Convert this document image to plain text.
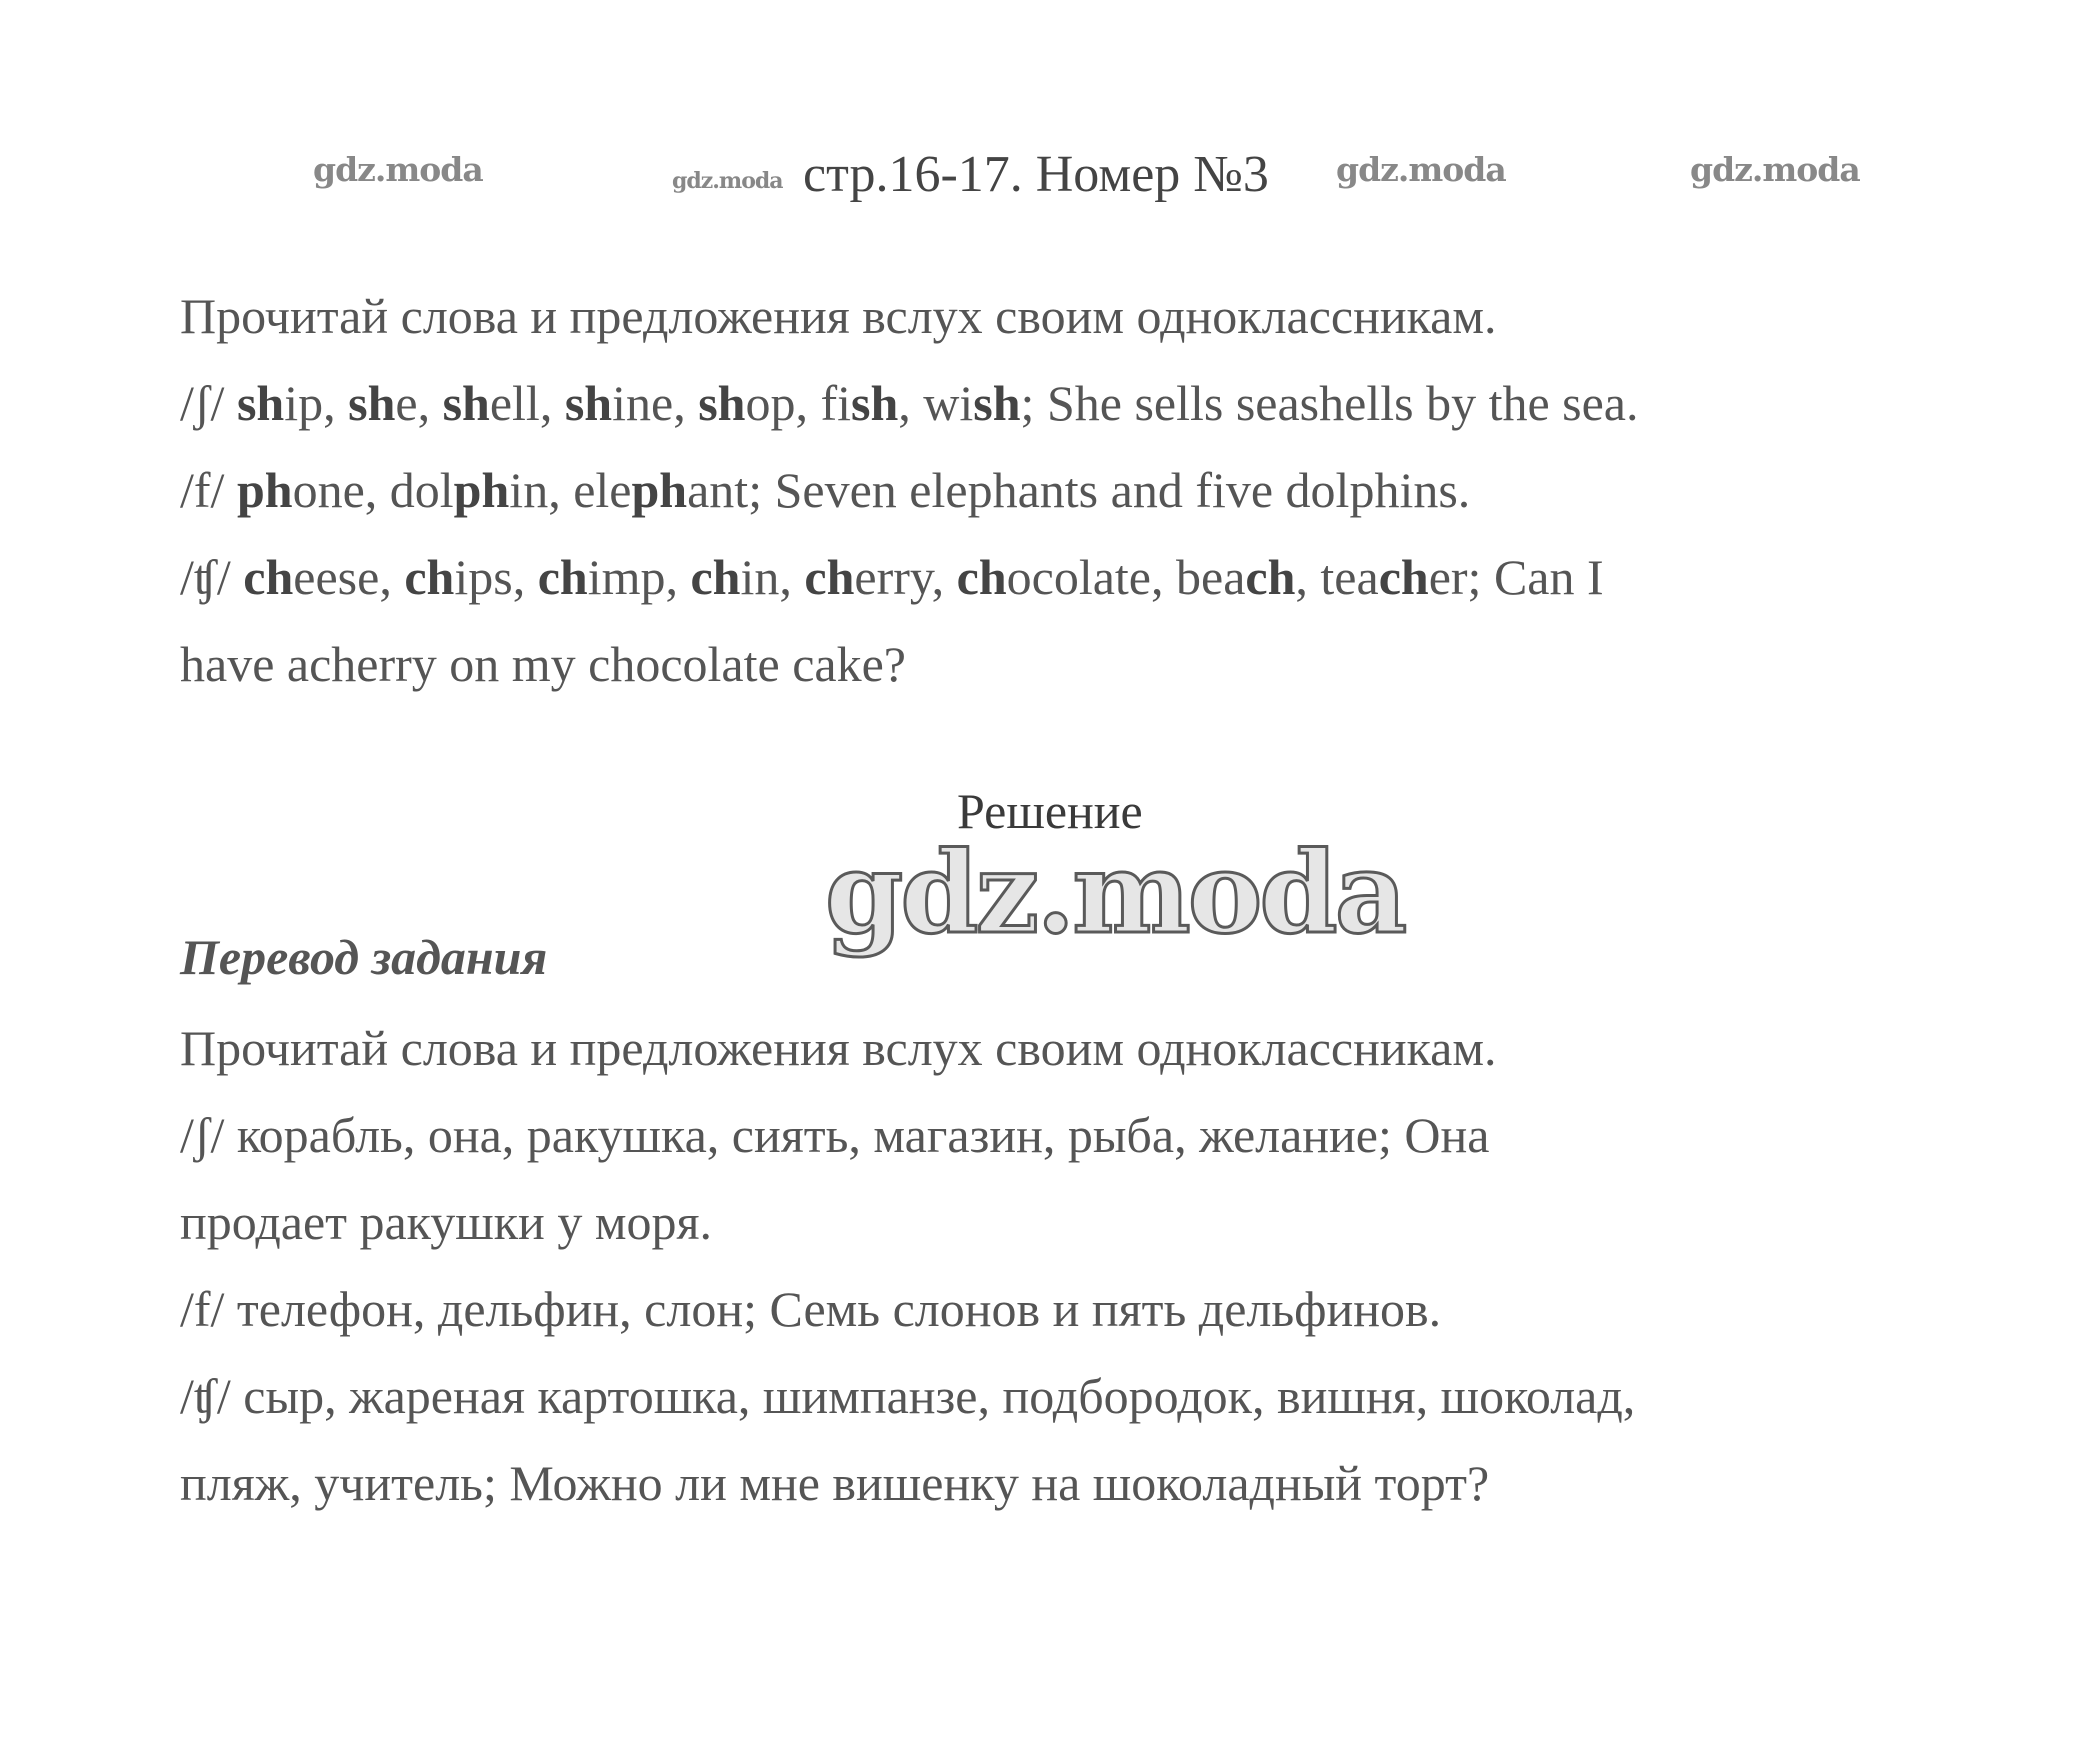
gdz.moda	gdz.moda	gdz.moda
стр.16-17. Номер №3 gdz.moda
Прочитай слова и предложения вслух своим одноклассникам.
/ʃ/ ship, she, shell, shine, shop, fish, wish; She sells seashells by the sea.
/f/ phone, dolphin, elephant; Seven elephants and five dolphins.
/ʧ/ cheese, chips, chimp, chin, cherry, chocolate, beach, teacher; Can I
have acherry on my chocolate cake?
Решение
gdz.moda
Перевод задания
Прочитай слова и предложения вслух своим одноклассникам.
/ʃ/ корабль, она, ракушка, сиять, магазин, рыба, желание; Она
продает ракушки у моря.
/f/ телефон, дельфин, слон; Семь слонов и пять дельфинов.
/ʧ/ сыр, жареная картошка, шимпанзе, подбородок, вишня, шоколад,
пляж, учитель; Можно ли мне вишенку на шоколадный торт?
